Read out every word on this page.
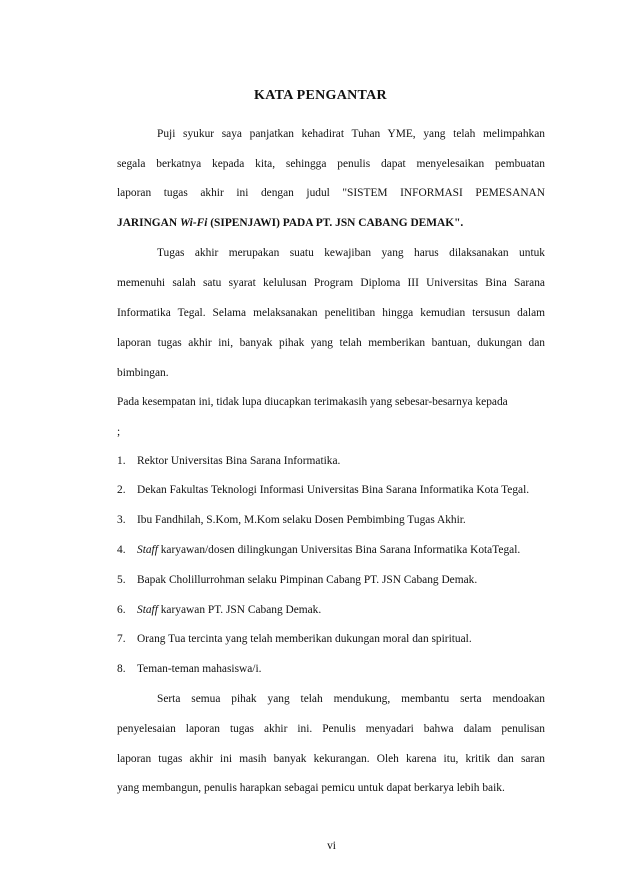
KATA PENGANTAR
Puji syukur saya panjatkan kehadirat Tuhan YME, yang telah melimpahkan
segala berkatnya kepada kita, sehingga penulis dapat menyelesaikan pembuatan
laporan tugas akhir ini dengan judul "SISTEM INFORMASI PEMESANAN
JARINGAN Wi-Fi (SIPENJAWI) PADA PT. JSN CABANG DEMAK".
Tugas akhir merupakan suatu kewajiban yang harus dilaksanakan untuk
memenuhi salah satu syarat kelulusan Program Diploma III Universitas Bina Sarana
Informatika Tegal. Selama melaksanakan penelitiban hingga kemudian tersusun dalam
laporan tugas akhir ini, banyak pihak yang telah memberikan bantuan, dukungan dan
bimbingan.
Pada kesempatan ini, tidak lupa diucapkan terimakasih yang sebesar-besarnya kepada
;
1. Rektor Universitas Bina Sarana Informatika.
2. Dekan Fakultas Teknologi Informasi Universitas Bina Sarana Informatika Kota Tegal.
3. Ibu Fandhilah, S.Kom, M.Kom selaku Dosen Pembimbing Tugas Akhir.
4. Staff karyawan/dosen dilingkungan Universitas Bina Sarana Informatika KotaTegal.
5. Bapak Cholillurrohman selaku Pimpinan Cabang PT. JSN Cabang Demak.
6. Staff karyawan PT. JSN Cabang Demak.
7. Orang Tua tercinta yang telah memberikan dukungan moral dan spiritual.
8. Teman-teman mahasiswa/i.
Serta semua pihak yang telah mendukung, membantu serta mendoakan
penyelesaian laporan tugas akhir ini. Penulis menyadari bahwa dalam penulisan
laporan tugas akhir ini masih banyak kekurangan. Oleh karena itu, kritik dan saran
yang membangun, penulis harapkan sebagai pemicu untuk dapat berkarya lebih baik.
vi
